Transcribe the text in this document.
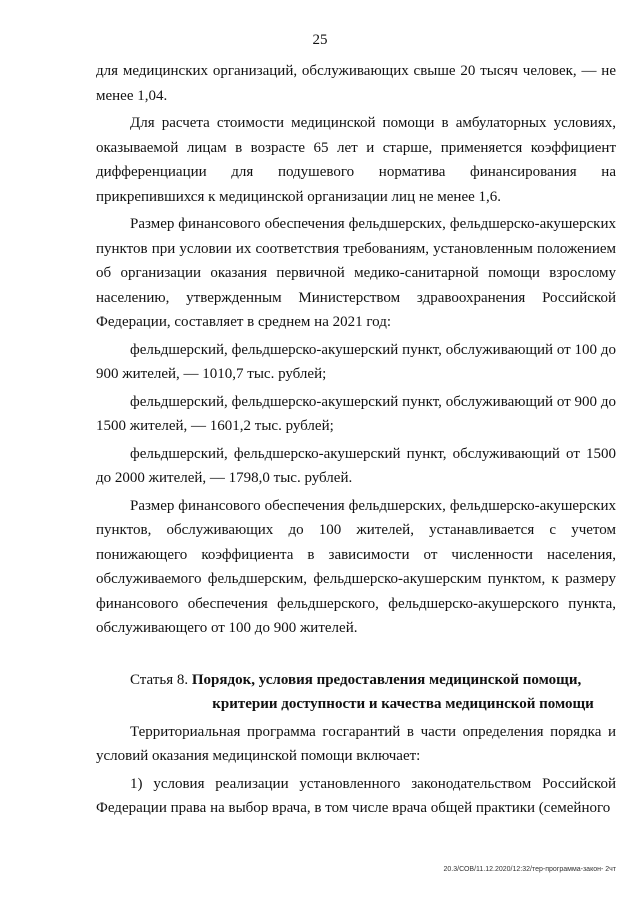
25

для медицинских организаций, обслуживающих свыше 20 тысяч человек, — не менее 1,04.

Для расчета стоимости медицинской помощи в амбулаторных условиях, оказываемой лицам в возрасте 65 лет и старше, применяется коэффициент дифференциации для подушевого норматива финансирования на прикрепившихся к медицинской организации лиц не менее 1,6.

Размер финансового обеспечения фельдшерских, фельдшерско-акушерских пунктов при условии их соответствия требованиям, установленным положением об организации оказания первичной медико-санитарной помощи взрослому населению, утвержденным Министерством здравоохранения Российской Федерации, составляет в среднем на 2021 год:

фельдшерский, фельдшерско-акушерский пункт, обслуживающий от 100 до 900 жителей, — 1010,7 тыс. рублей;

фельдшерский, фельдшерско-акушерский пункт, обслуживающий от 900 до 1500 жителей, — 1601,2 тыс. рублей;

фельдшерский, фельдшерско-акушерский пункт, обслуживающий от 1500 до 2000 жителей, — 1798,0 тыс. рублей.

Размер финансового обеспечения фельдшерских, фельдшерско-акушерских пунктов, обслуживающих до 100 жителей, устанавливается с учетом понижающего коэффициента в зависимости от численности населения, обслуживаемого фельдшерским, фельдшерско-акушерским пунктом, к размеру финансового обеспечения фельдшерского, фельдшерско-акушерского пункта, обслуживающего от 100 до 900 жителей.

Статья 8. Порядок, условия предоставления медицинской помощи,
критерии доступности и качества медицинской помощи

Территориальная программа госгарантий в части определения порядка и условий оказания медицинской помощи включает:

1) условия реализации установленного законодательством Российской Федерации права на выбор врача, в том числе врача общей практики (семейного

20.3/СОВ/11.12.2020/12:32/тер-программа-закон- 2чт
